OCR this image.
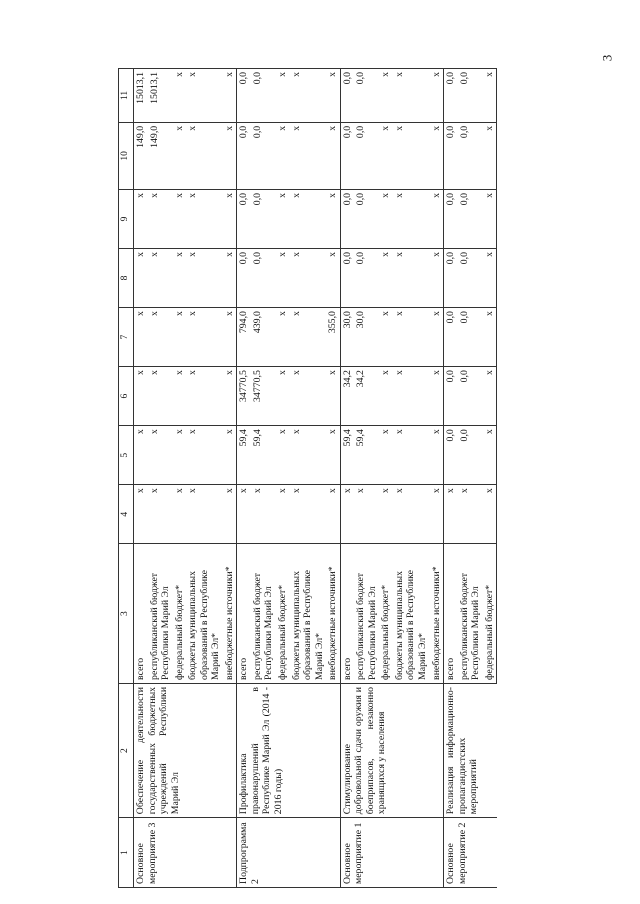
3
1	2	3	4	5	6	7	8	9	10	11
Основное мероприятие 3	Обеспечение деятельности государственных бюджетных учреждений Республики Марий Эл	всего	х	х	х	х	х	х	149,0	15013,1
		республиканский бюджет Республики Марий Эл	х	х	х	х	х	х	149,0	15013,1
		федеральный бюджет*	х	х	х	х	х	х	х	х
		бюджеты муниципальных образований в Республике Марий Эл*	х	х	х	х	х	х	х	х
		внебюджетные источники*	х	х	х	х	х	х	х	х
Подпрограмма 2	Профилактика правонарушений в Республике Марий Эл (2014 - 2016 годы)	всего	х	59,4	34770,5	794,0	0,0	0,0	0,0	0,0
		республиканский бюджет Республики Марий Эл	х	59,4	34770,5	439,0	0,0	0,0	0,0	0,0
		федеральный бюджет*	х	х	х	х	х	х	х	х
		бюджеты муниципальных образований в Республике Марий Эл*	х	х	х	х	х	х	х	х
		внебюджетные источники*	х	х	х	355,0	х	х	х	х
Основное мероприятие 1	Стимулирование добровольной сдачи оружия и боеприпасов, незаконно хранящихся у населения	всего	х	59,4	34,2	30,0	0,0	0,0	0,0	0,0
		республиканский бюджет Республики Марий Эл	х	59,4	34,2	30,0	0,0	0,0	0,0	0,0
		федеральный бюджет*	х	х	х	х	х	х	х	х
		бюджеты муниципальных образований в Республике Марий Эл*	х	х	х	х	х	х	х	х
		внебюджетные источники*	х	х	х	х	х	х	х	х
Основное мероприятие 2	Реализация информационно-пропагандистских мероприятий	всего	х	0,0	0,0	0,0	0,0	0,0	0,0	0,0
		республиканский бюджет Республики Марий Эл	х	0,0	0,0	0,0	0,0	0,0	0,0	0,0
		федеральный бюджет*	х	х	х	х	х	х	х	х
